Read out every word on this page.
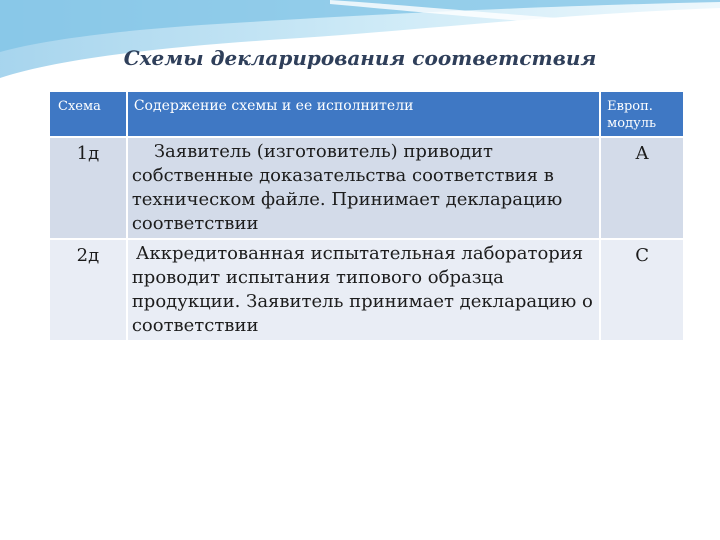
Схемы декларирования соответствия
Схема	Содержение схемы и ее исполнители	Европ. модуль
1д	Заявитель (изготовитель) приводит собственные доказательства соответствия в техническом файле. Принимает декларацию соответствии	А
2д	Аккредитованная испытательная лаборатория проводит испытания типового образца продукции. Заявитель принимает декларацию о соответствии	С
